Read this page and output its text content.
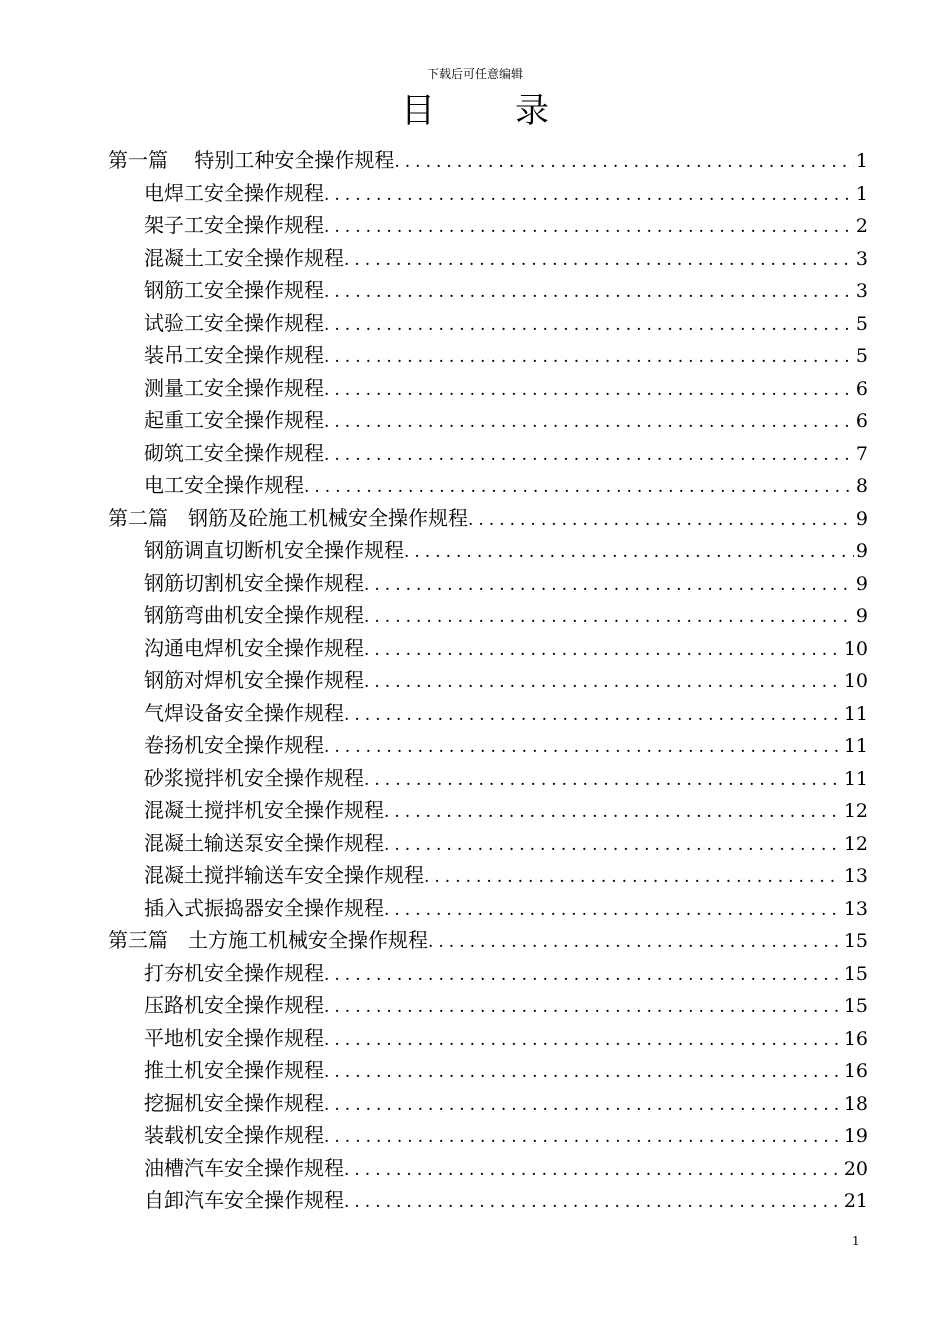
下载后可任意编辑
目录
第一篇　 特别工种安全操作规程 .....	1
电焊工安全操作规程 .....	1
架子工安全操作规程 .....	2
混凝土工安全操作规程 .....	3
钢筋工安全操作规程 .....	3
试验工安全操作规程 .....	5
装吊工安全操作规程 .....	5
测量工安全操作规程 .....	6
起重工安全操作规程 .....	6
砌筑工安全操作规程 .....	7
电工安全操作规程 .....	8
第二篇　钢筋及砼施工机械安全操作规程 .....	9
钢筋调直切断机安全操作规程 .....	9
钢筋切割机安全操作规程 .....	9
钢筋弯曲机安全操作规程 .....	9
沟通电焊机安全操作规程 .....	10
钢筋对焊机安全操作规程 .....	10
气焊设备安全操作规程 .....	11
卷扬机安全操作规程 .....	11
砂浆搅拌机安全操作规程 .....	11
混凝土搅拌机安全操作规程 .....	12
混凝土输送泵安全操作规程 .....	12
混凝土搅拌输送车安全操作规程 .....	13
插入式振捣器安全操作规程 .....	13
第三篇　土方施工机械安全操作规程 .....	15
打夯机安全操作规程 .....	15
压路机安全操作规程 .....	15
平地机安全操作规程 .....	16
推土机安全操作规程 .....	16
挖掘机安全操作规程 .....	18
装载机安全操作规程 .....	19
油槽汽车安全操作规程 .....	20
自卸汽车安全操作规程 .....	21
1
